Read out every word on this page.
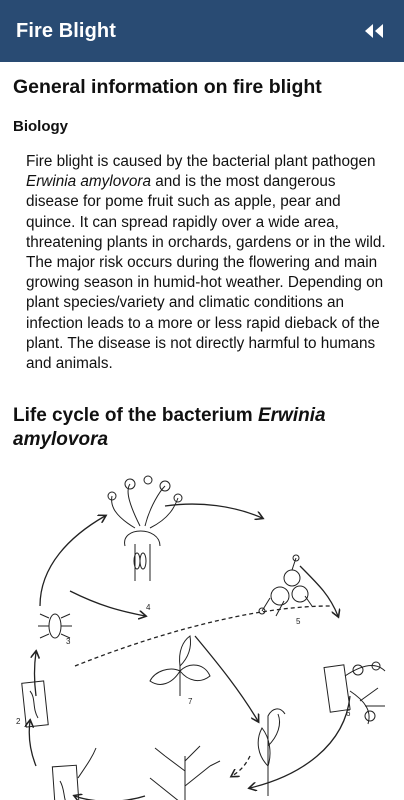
Fire Blight
General information on fire blight
Biology

Fire blight is caused by the bacterial plant pathogen Erwinia amylovora and is the most dangerous disease for pome fruit such as apple, pear and quince. It can spread rapidly over a wide area, threatening plants in orchards, gardens or in the wild. The major risk occurs during the flowering and main growing season in humid-hot weather. Depending on plant species/variety and climatic conditions an infection leads to a more or less rapid dieback of the plant. The disease is not directly harmful to humans and animals.

Life cycle of the bacterium Erwinia amylovora
2
3
4
5
6
7
